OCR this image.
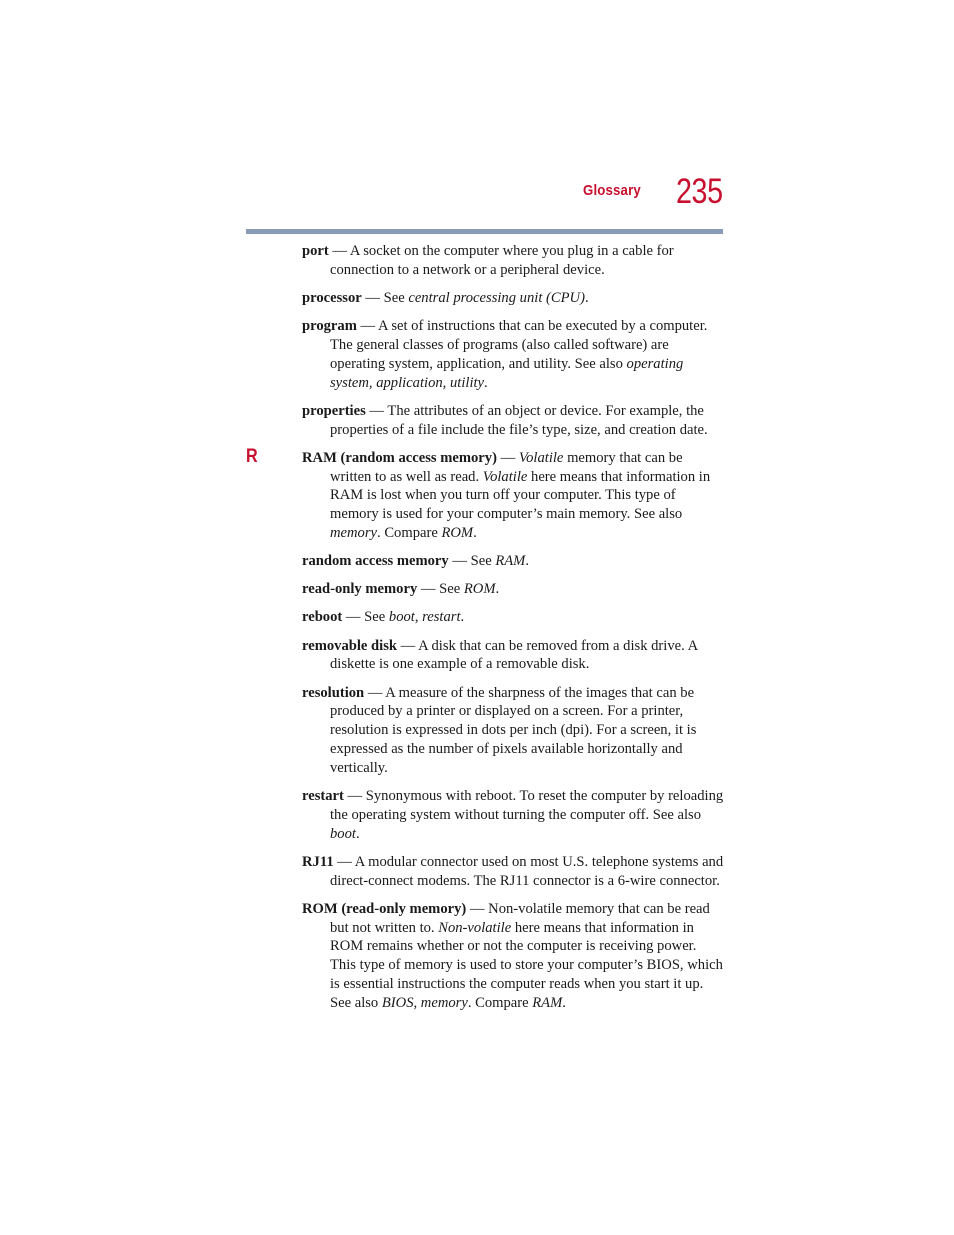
Glossary 235
R

port — A socket on the computer where you plug in a cable for connection to a network or a peripheral device.

processor — See central processing unit (CPU).

program — A set of instructions that can be executed by a computer. The general classes of programs (also called software) are operating system, application, and utility. See also operating system, application, utility.

properties — The attributes of an object or device. For example, the properties of a file include the file’s type, size, and creation date.

RAM (random access memory) — Volatile memory that can be written to as well as read. Volatile here means that information in RAM is lost when you turn off your computer. This type of memory is used for your computer’s main memory. See also memory. Compare ROM.

random access memory — See RAM.

read-only memory — See ROM.

reboot — See boot, restart.

removable disk — A disk that can be removed from a disk drive. A diskette is one example of a removable disk.

resolution — A measure of the sharpness of the images that can be produced by a printer or displayed on a screen. For a printer, resolution is expressed in dots per inch (dpi). For a screen, it is expressed as the number of pixels available horizontally and vertically.

restart — Synonymous with reboot. To reset the computer by reloading the operating system without turning the computer off. See also boot.

RJ11 — A modular connector used on most U.S. telephone systems and direct-connect modems. The RJ11 connector is a 6-wire connector.

ROM (read-only memory) — Non-volatile memory that can be read but not written to. Non-volatile here means that information in ROM remains whether or not the computer is receiving power. This type of memory is used to store your computer’s BIOS, which is essential instructions the computer reads when you start it up. See also BIOS, memory. Compare RAM.
